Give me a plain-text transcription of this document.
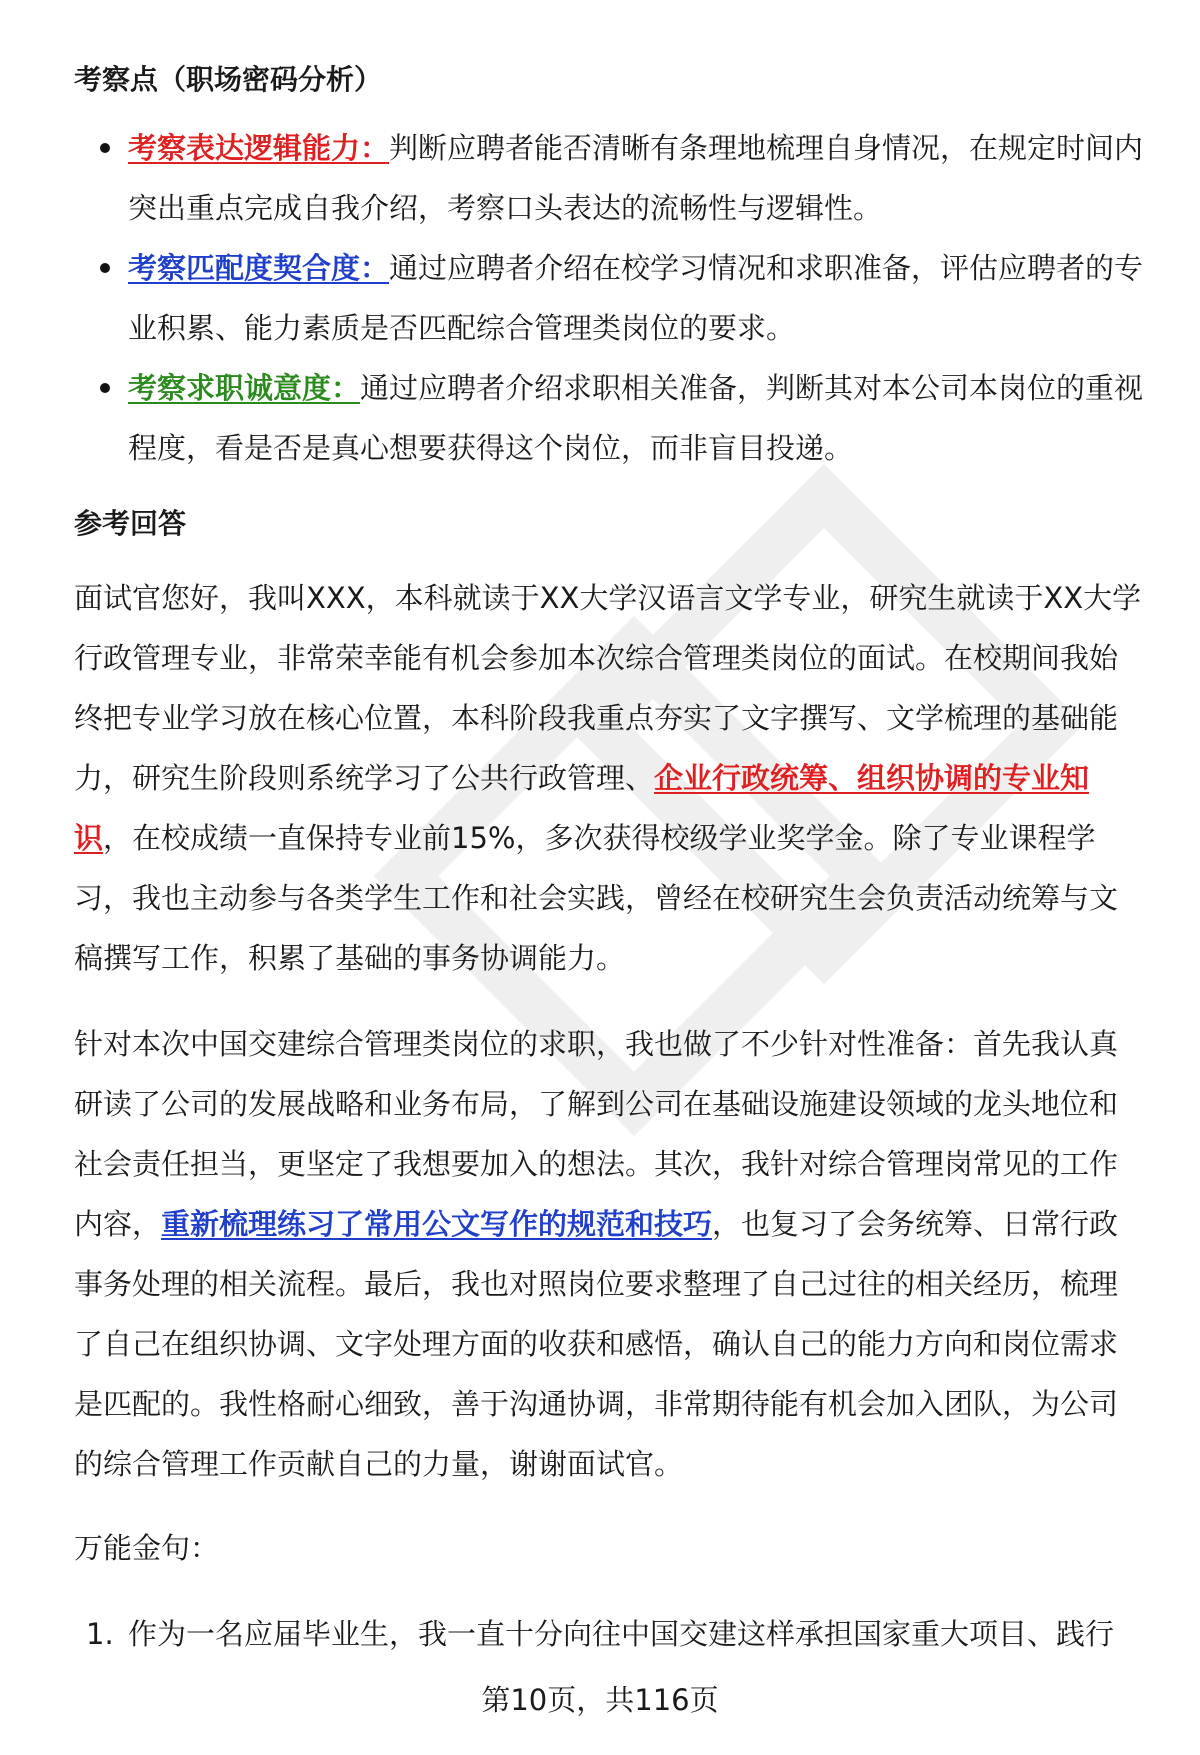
考察点（职场密码分析）
考察表达逻辑能力：判断应聘者能否清晰有条理地梳理自身情况，在规定时间内突出重点完成自我介绍，考察口头表达的流畅性与逻辑性。
考察匹配度契合度：通过应聘者介绍在校学习情况和求职准备，评估应聘者的专业积累、能力素质是否匹配综合管理类岗位的要求。
考察求职诚意度：通过应聘者介绍求职相关准备，判断其对本公司本岗位的重视程度，看是否是真心想要获得这个岗位，而非盲目投递。
参考回答

面试官您好，我叫XXX，本科就读于XX大学汉语言文学专业，研究生就读于XX大学行政管理专业，非常荣幸能有机会参加本次综合管理类岗位的面试。在校期间我始终把专业学习放在核心位置，本科阶段我重点夯实了文字撰写、文学梳理的基础能力，研究生阶段则系统学习了公共行政管理、企业行政统筹、组织协调的专业知识，在校成绩一直保持专业前15%，多次获得校级学业奖学金。除了专业课程学习，我也主动参与各类学生工作和社会实践，曾经在校研究生会负责活动统筹与文稿撰写工作，积累了基础的事务协调能力。

针对本次中国交建综合管理类岗位的求职，我也做了不少针对性准备：首先我认真研读了公司的发展战略和业务布局，了解到公司在基础设施建设领域的龙头地位和社会责任担当，更坚定了我想要加入的想法。其次，我针对综合管理岗常见的工作内容，重新梳理练习了常用公文写作的规范和技巧，也复习了会务统筹、日常行政事务处理的相关流程。最后，我也对照岗位要求整理了自己过往的相关经历，梳理了自己在组织协调、文字处理方面的收获和感悟，确认自己的能力方向和岗位需求是匹配的。我性格耐心细致，善于沟通协调，非常期待能有机会加入团队，为公司的综合管理工作贡献自己的力量，谢谢面试官。

万能金句：

1. 作为一名应届毕业生，我一直十分向往中国交建这样承担国家重大项目、践行
第10页，共116页
